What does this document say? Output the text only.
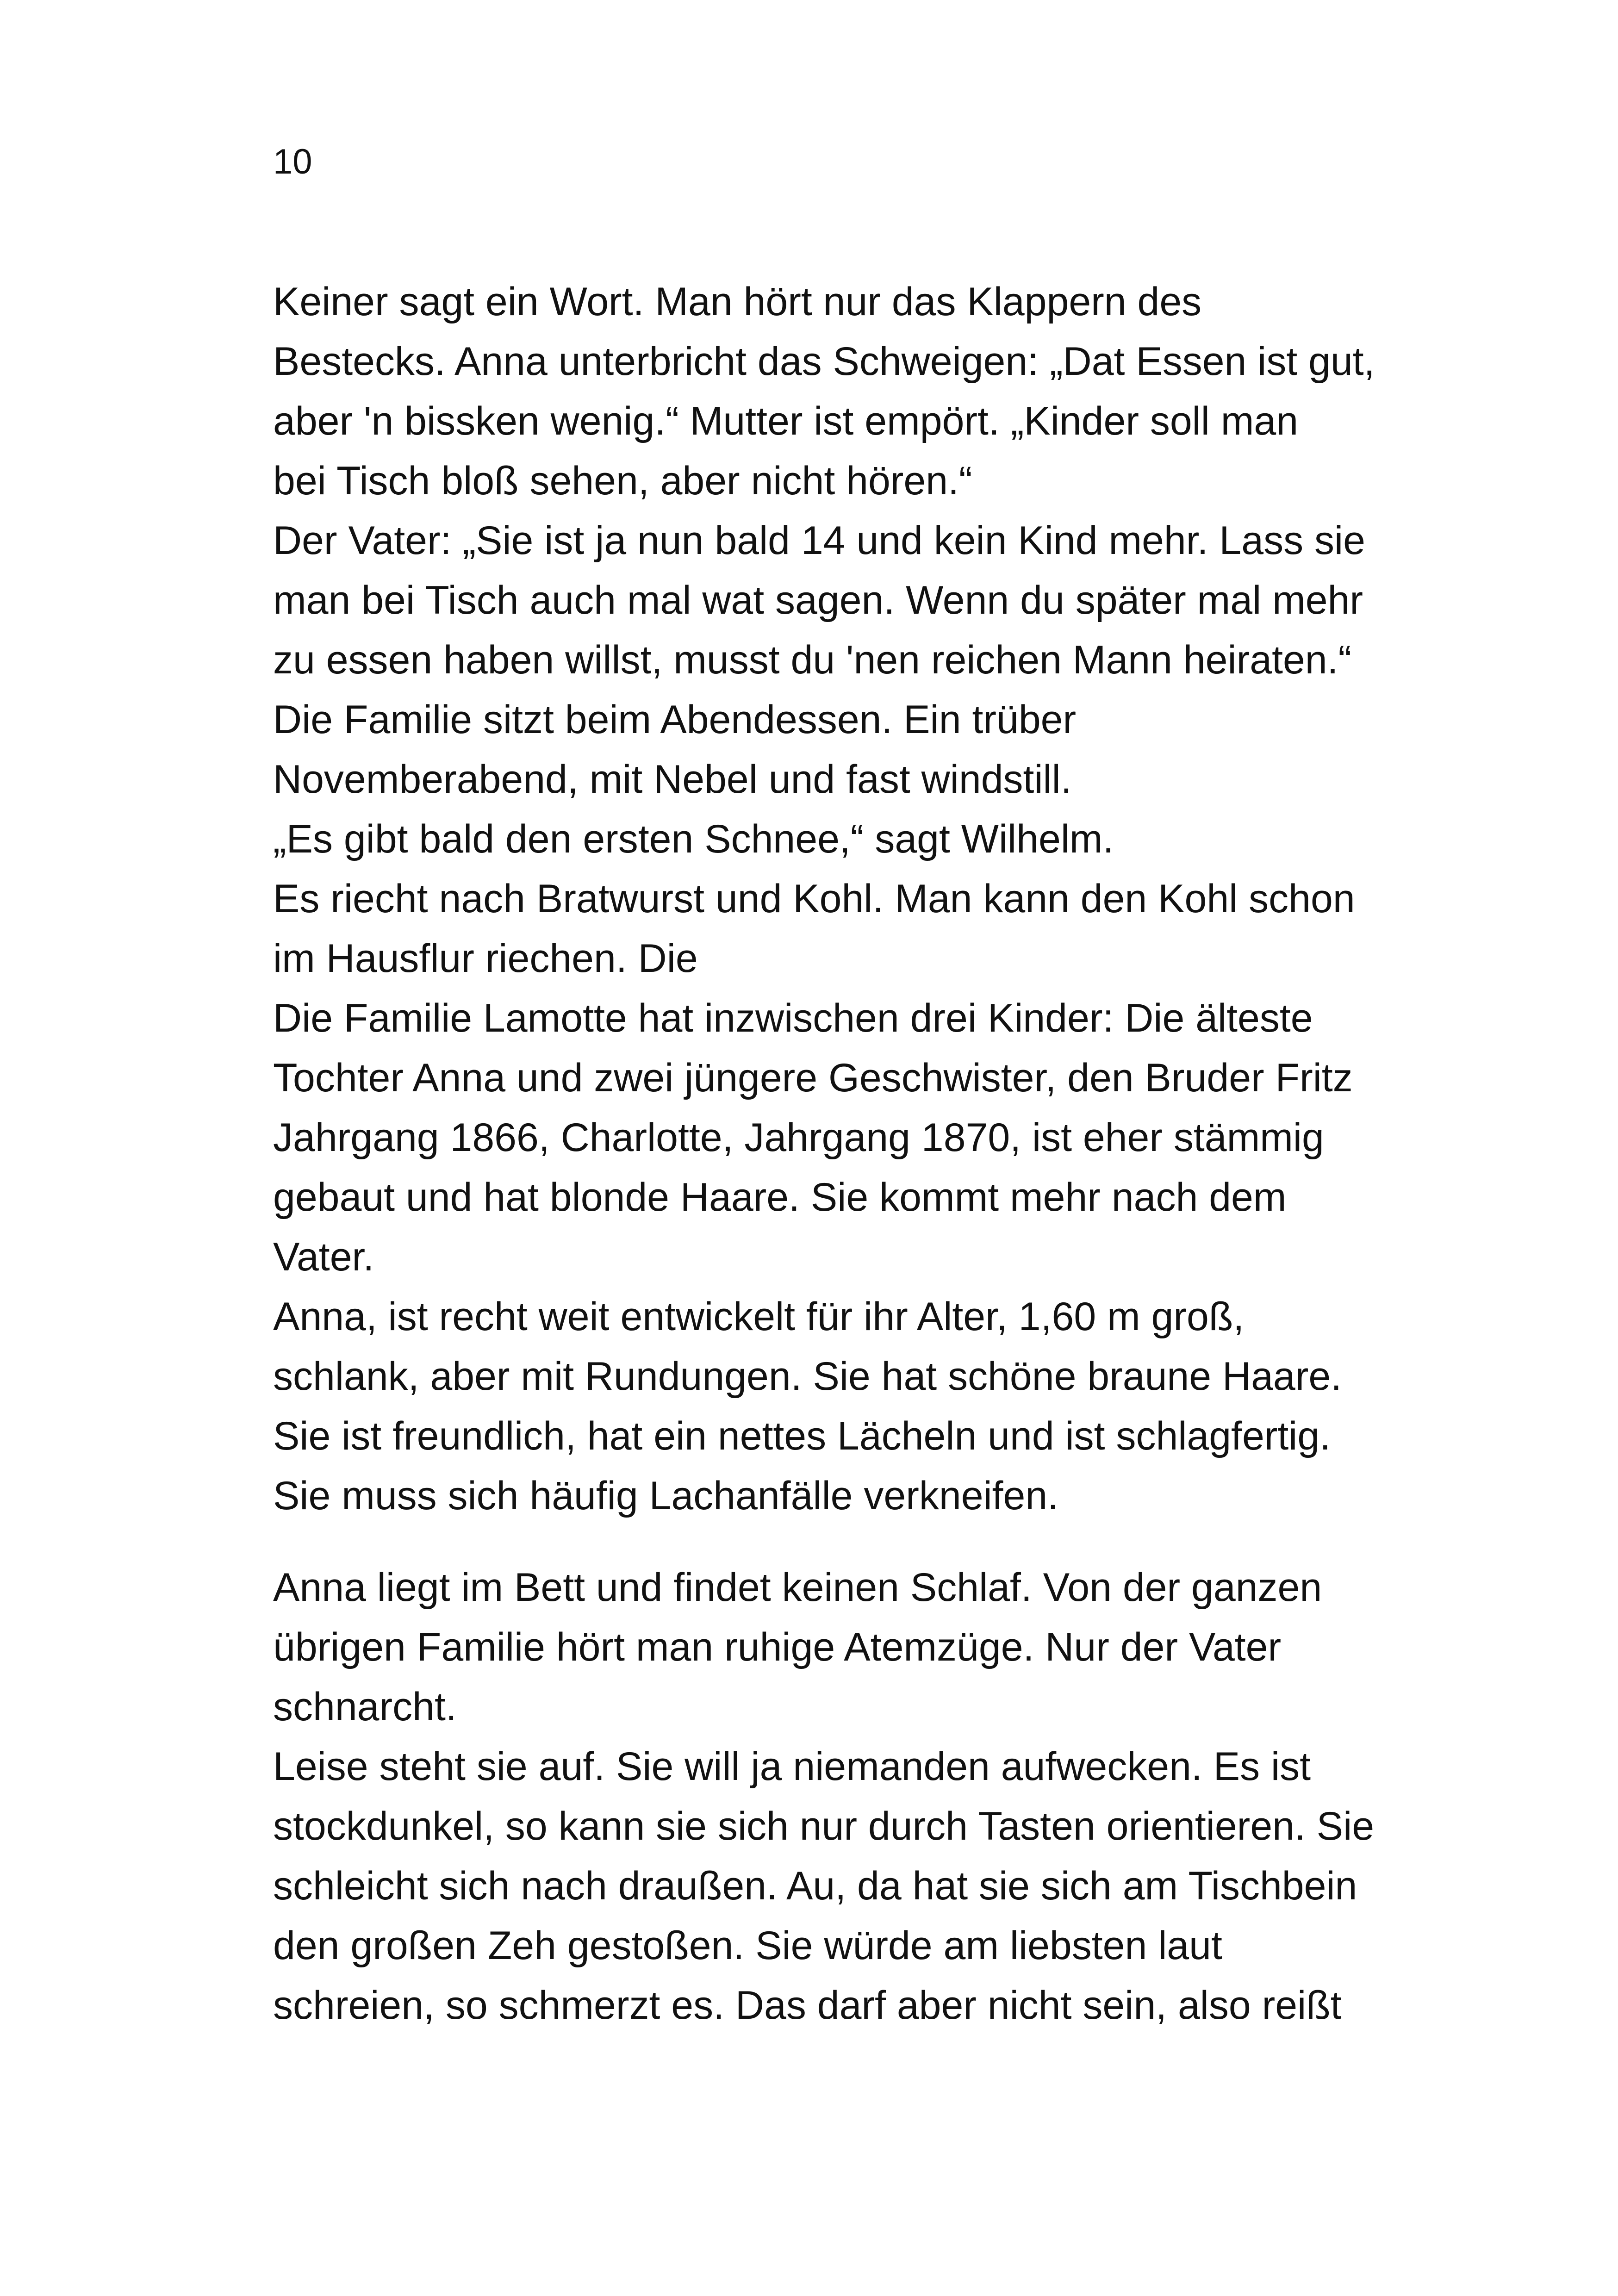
10

Keiner sagt ein Wort. Man hört nur das Klappern des
Bestecks. Anna unterbricht das Schweigen: „Dat Essen ist gut,
aber 'n bissken wenig.“ Mutter ist empört. „Kinder soll man
bei Tisch bloß sehen, aber nicht hören.“
Der Vater: „Sie ist ja nun bald 14 und kein Kind mehr. Lass sie
man bei Tisch auch mal wat sagen. Wenn du später mal mehr
zu essen haben willst, musst du 'nen reichen Mann heiraten.“
Die Familie sitzt beim Abendessen. Ein trüber
Novemberabend, mit Nebel und fast windstill.
„Es gibt bald den ersten Schnee,“ sagt Wilhelm.
Es riecht nach Bratwurst und Kohl. Man kann den Kohl schon
im Hausflur riechen. Die
Die Familie Lamotte hat inzwischen drei Kinder: Die älteste
Tochter Anna und zwei jüngere Geschwister, den Bruder Fritz
Jahrgang 1866, Charlotte, Jahrgang 1870, ist eher stämmig
gebaut und hat blonde Haare. Sie kommt mehr nach dem
Vater.
Anna, ist recht weit entwickelt für ihr Alter, 1,60 m groß,
schlank, aber mit Rundungen. Sie hat schöne braune Haare.
Sie ist freundlich, hat ein nettes Lächeln und ist schlagfertig.
Sie muss sich häufig Lachanfälle verkneifen.
Anna liegt im Bett und findet keinen Schlaf. Von der ganzen
übrigen Familie hört man ruhige Atemzüge. Nur der Vater
schnarcht.
Leise steht sie auf. Sie will ja niemanden aufwecken. Es ist
stockdunkel, so kann sie sich nur durch Tasten orientieren. Sie
schleicht sich nach draußen. Au, da hat sie sich am Tischbein
den großen Zeh gestoßen. Sie würde am liebsten laut
schreien, so schmerzt es. Das darf aber nicht sein, also reißt
